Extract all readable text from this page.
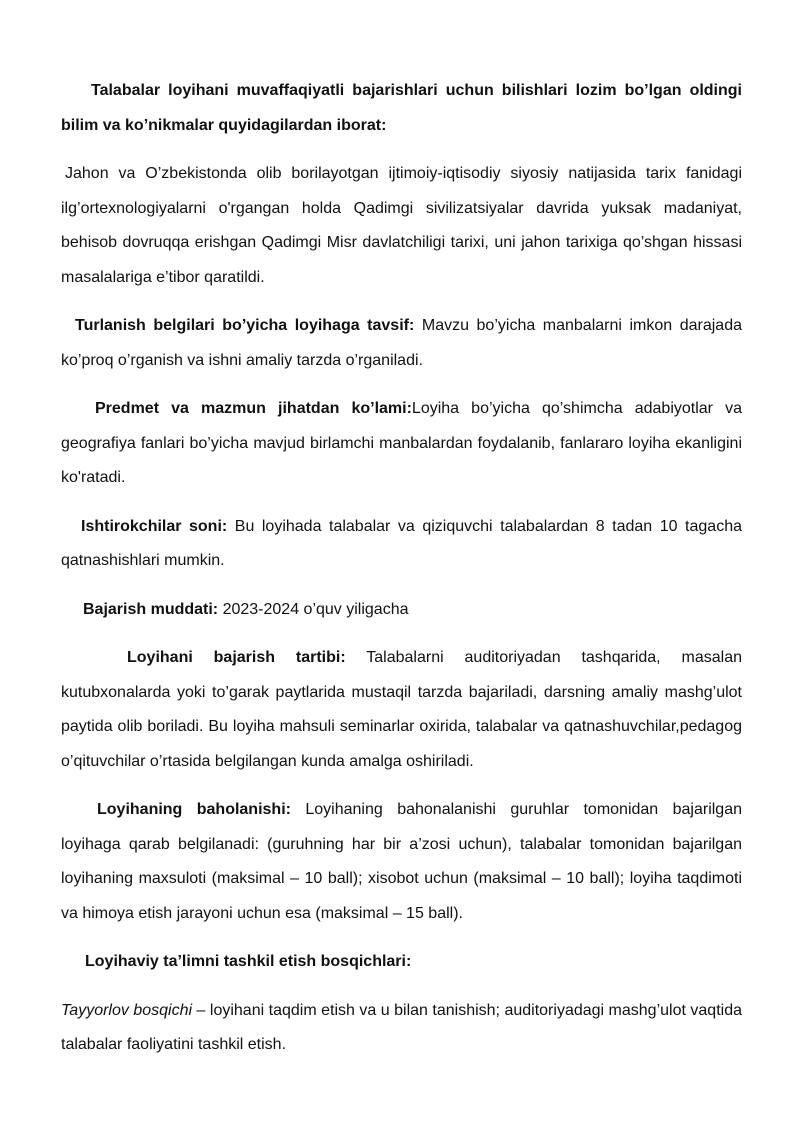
Talabalar loyihani muvaffaqiyatli bajarishlari uchun bilishlari lozim bo’lgan oldingi bilim va ko’nikmalar quyidagilardan iborat:

Jahon va O’zbekistonda olib borilayotgan ijtimoiy-iqtisodiy siyosiy natijasida tarix fanidagi ilg’ortexnologiyalarni o'rgangan holda Qadimgi sivilizatsiyalar davrida yuksak madaniyat, behisob dovruqqa erishgan Qadimgi Misr davlatchiligi tarixi, uni jahon tarixiga qo’shgan hissasi masalalariga e’tibor qaratildi.

Turlanish belgilari bo’yicha loyihaga tavsif: Mavzu bo’yicha manbalarni imkon darajada ko’proq o’rganish va ishni amaliy tarzda o’rganiladi.

Predmet va mazmun jihatdan ko’lami:Loyiha bo’yicha qo’shimcha adabiyotlar va geografiya fanlari bo’yicha mavjud birlamchi manbalardan foydalanib, fanlararo loyiha ekanligini ko'ratadi.

Ishtirokchilar soni: Bu loyihada talabalar va qiziquvchi talabalardan 8 tadan 10 tagacha qatnashishlari mumkin.

Bajarish muddati: 2023-2024 o’quv yiligacha

Loyihani bajarish tartibi: Talabalarni auditoriyadan tashqarida, masalan kutubxonalarda yoki to’garak paytlarida mustaqil tarzda bajariladi, darsning amaliy mashg’ulot paytida olib boriladi. Bu loyiha mahsuli seminarlar oxirida, talabalar va qatnashuvchilar,pedagog o’qituvchilar o’rtasida belgilangan kunda amalga oshiriladi.

Loyihaning baholanishi: Loyihaning bahonalanishi guruhlar tomonidan bajarilgan loyihaga qarab belgilanadi: (guruhning har bir a’zosi uchun), talabalar tomonidan bajarilgan loyihaning maxsuloti (maksimal – 10 ball); xisobot uchun (maksimal – 10 ball); loyiha taqdimoti va himoya etish jarayoni uchun esa (maksimal – 15 ball).

Loyihaviy ta’limni tashkil etish bosqichlari:

Tayyorlov bosqichi – loyihani taqdim etish va u bilan tanishish; auditoriyadagi mashg’ulot vaqtida talabalar faoliyatini tashkil etish.
